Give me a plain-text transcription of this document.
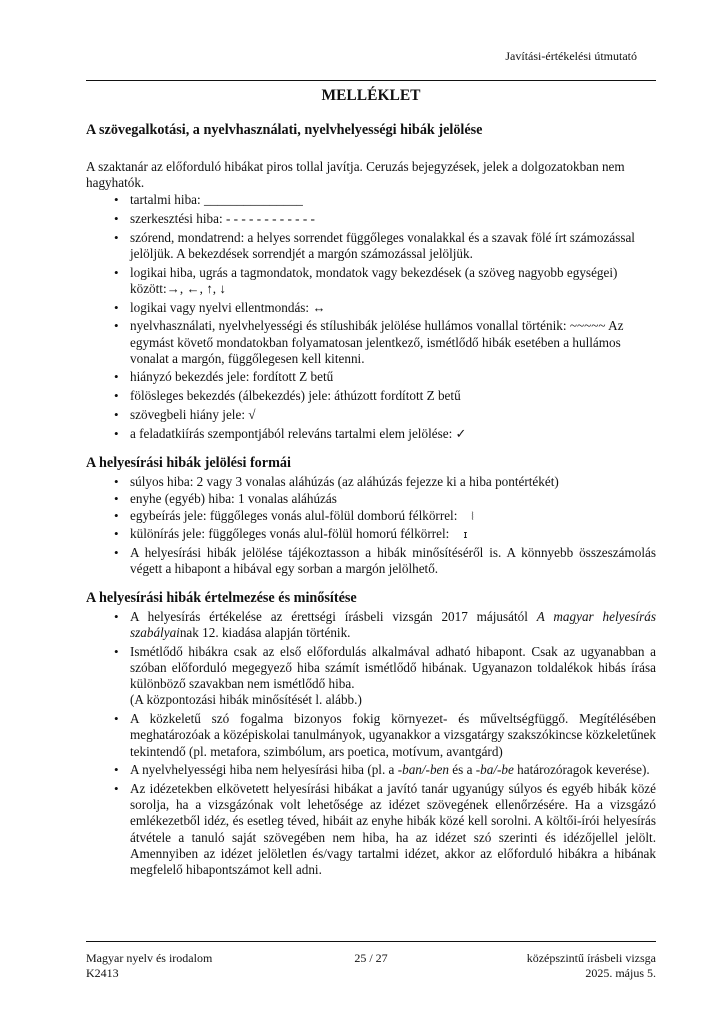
Javítási-értékelési útmutató
MELLÉKLET
A szövegalkotási, a nyelvhasználati, nyelvhelyességi hibák jelölése

A szaktanár az előforduló hibákat piros tollal javítja. Ceruzás bejegyzések, jelek a dolgozatokban nem hagyhatók.

• tartalmi hiba: _______________
• szerkesztési hiba: - - - - - - - - - - - -
• szórend, mondatrend: a helyes sorrendet függőleges vonalakkal és a szavak fölé írt számozással jelöljük. A bekezdések sorrendjét a margón számozással jelöljük.
• logikai hiba, ugrás a tagmondatok, mondatok vagy bekezdések (a szöveg nagyobb egységei) között:→, ←, ↑, ↓
• logikai vagy nyelvi ellentmondás: ↔
• nyelvhasználati, nyelvhelyességi és stílushibák jelölése hullámos vonallal történik: ~~~~~ Az egymást követő mondatokban folyamatosan jelentkező, ismétlődő hibák esetében a hullámos vonalat a margón, függőlegesen kell kitenni.
• hiányzó bekezdés jele: fordított Z betű
• fölösleges bekezdés (álbekezdés) jele: áthúzott fordított Z betű
• szövegbeli hiány jele: √
• a feladatkiírás szempontjából releváns tartalmi elem jelölése: ✓
A helyesírási hibák jelölési formái
• súlyos hiba: 2 vagy 3 vonalas aláhúzás (az aláhúzás fejezze ki a hiba pontértékét)
• enyhe (egyéb) hiba: 1 vonalas aláhúzás
• egybeírás jele: függőleges vonás alul-fölül domború félkörrel: ⦚
• különírás jele: függőleges vonás alul-fölül homorú félkörrel: ɪ
• A helyesírási hibák jelölése tájékoztasson a hibák minősítéséről is. A könnyebb összeszámolás végett a hibapont a hibával egy sorban a margón jelölhető.
A helyesírási hibák értelmezése és minősítése
• A helyesírás értékelése az érettségi írásbeli vizsgán 2017 májusától A magyar helyesírás szabályainak 12. kiadása alapján történik.
• Ismétlődő hibákra csak az első előfordulás alkalmával adható hibapont. Csak az ugyanabban a szóban előforduló megegyező hiba számít ismétlődő hibának. Ugyanazon toldalékok hibás írása különböző szavakban nem ismétlődő hiba.
(A központozási hibák minősítését l. alább.)
• A közkeletű szó fogalma bizonyos fokig környezet- és műveltségfüggő. Megítélésében meghatározóak a középiskolai tanulmányok, ugyanakkor a vizsgatárgy szakszókincse közkeletűnek tekintendő (pl. metafora, szimbólum, ars poetica, motívum, avantgárd)
• A nyelvhelyességi hiba nem helyesírási hiba (pl. a -ban/-ben és a -ba/-be határozóragok keverése).
• Az idézetekben elkövetett helyesírási hibákat a javító tanár ugyanúgy súlyos és egyéb hibák közé sorolja, ha a vizsgázónak volt lehetősége az idézet szövegének ellenőrzésére. Ha a vizsgázó emlékezetből idéz, és esetleg téved, hibáit az enyhe hibák közé kell sorolni. A költői-írói helyesírás átvétele a tanuló saját szövegében nem hiba, ha az idézet szó szerinti és idézőjellel jelölt. Amennyiben az idézet jelöletlen és/vagy tartalmi idézet, akkor az előforduló hibákra a hibának megfelelő hibapontszámot kell adni.
Magyar nyelv és irodalom
K2413
25 / 27	középszintű írásbeli vizsga
2025. május 5.
